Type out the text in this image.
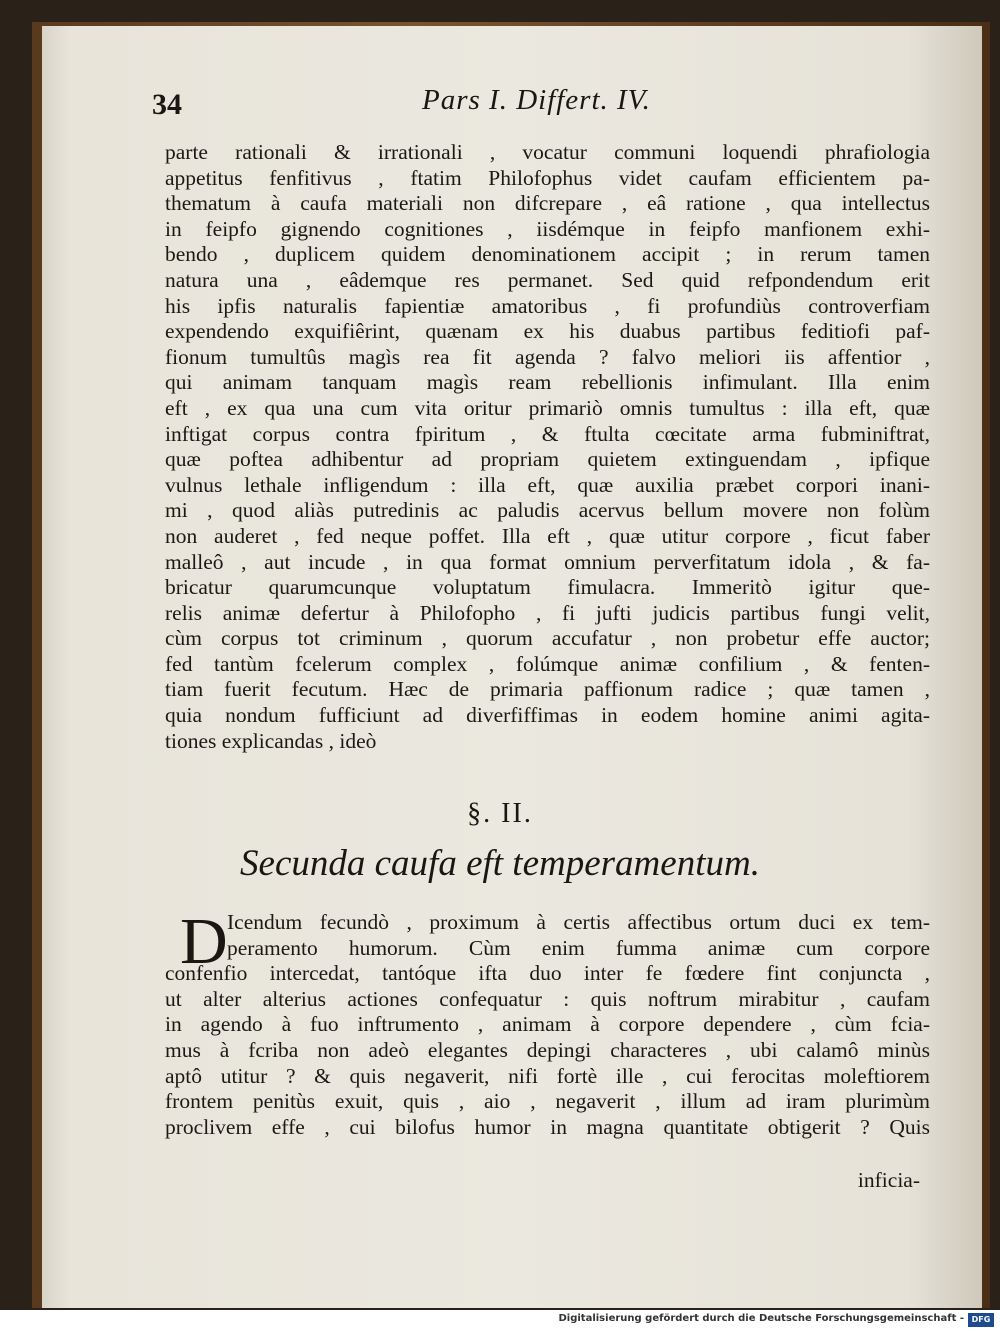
34	Pars I. Differt. IV.
parte rationali & irrationali , vocatur communi loquendi phrafiologia
appetitus fenfitivus , ftatim Philofophus videt caufam efficientem pa-
thematum à caufa materiali non difcrepare , eâ ratione , qua intellectus
in feipfo gignendo cognitiones , iisdémque in feipfo manfionem exhi-
bendo , duplicem quidem denominationem accipit ; in rerum tamen
natura una , eâdemque res permanet. Sed quid refpondendum erit
his ipfis naturalis fapientiæ amatoribus , fi profundiùs controverfiam
expendendo exquifiêrint, quænam ex his duabus partibus feditiofi paf-
fionum tumultûs magìs rea fit agenda ? falvo meliori iis affentior ,
qui animam tanquam magìs ream rebellionis infimulant. Illa enim
eft , ex qua una cum vita oritur primariò omnis tumultus : illa eft, quæ
inftigat corpus contra fpiritum , & ftulta cœcitate arma fubminiftrat,
quæ poftea adhibentur ad propriam quietem extinguendam , ipfique
vulnus lethale infligendum : illa eft, quæ auxilia præbet corpori inani-
mi , quod aliàs putredinis ac paludis acervus bellum movere non folùm
non auderet , fed neque poffet. Illa eft , quæ utitur corpore , ficut faber
malleô , aut incude , in qua format omnium perverfitatum idola , & fa-
bricatur quarumcunque voluptatum fimulacra. Immeritò igitur que-
relis animæ defertur à Philofopho , fi jufti judicis partibus fungi velit,
cùm corpus tot criminum , quorum accufatur , non probetur effe auctor;
fed tantùm fcelerum complex , folúmque animæ confilium , & fenten-
tiam fuerit fecutum. Hæc de primaria paffionum radice ; quæ tamen ,
quia nondum fufficiunt ad diverfiffimas in eodem homine animi agita-
tiones explicandas , ideò
§. II.
Secunda caufa eft temperamentum.
D Icendum fecundò , proximum à certis affectibus ortum duci ex tem-
peramento humorum. Cùm enim fumma animæ cum corpore
confenfio intercedat, tantóque ifta duo inter fe fœdere fint conjuncta ,
ut alter alterius actiones confequatur : quis noftrum mirabitur , caufam
in agendo à fuo inftrumento , animam à corpore dependere , cùm fcia-
mus à fcriba non adeò elegantes depingi characteres , ubi calamô minùs
aptô utitur ? & quis negaverit, nifi fortè ille , cui ferocitas moleftiorem
frontem penitùs exuit, quis , aio , negaverit , illum ad iram plurimùm
proclivem effe , cui bilofus humor in magna quantitate obtigerit ? Quis
inficia-
Digitalisierung gefördert durch die Deutsche Forschungsgemeinschaft - DFG
